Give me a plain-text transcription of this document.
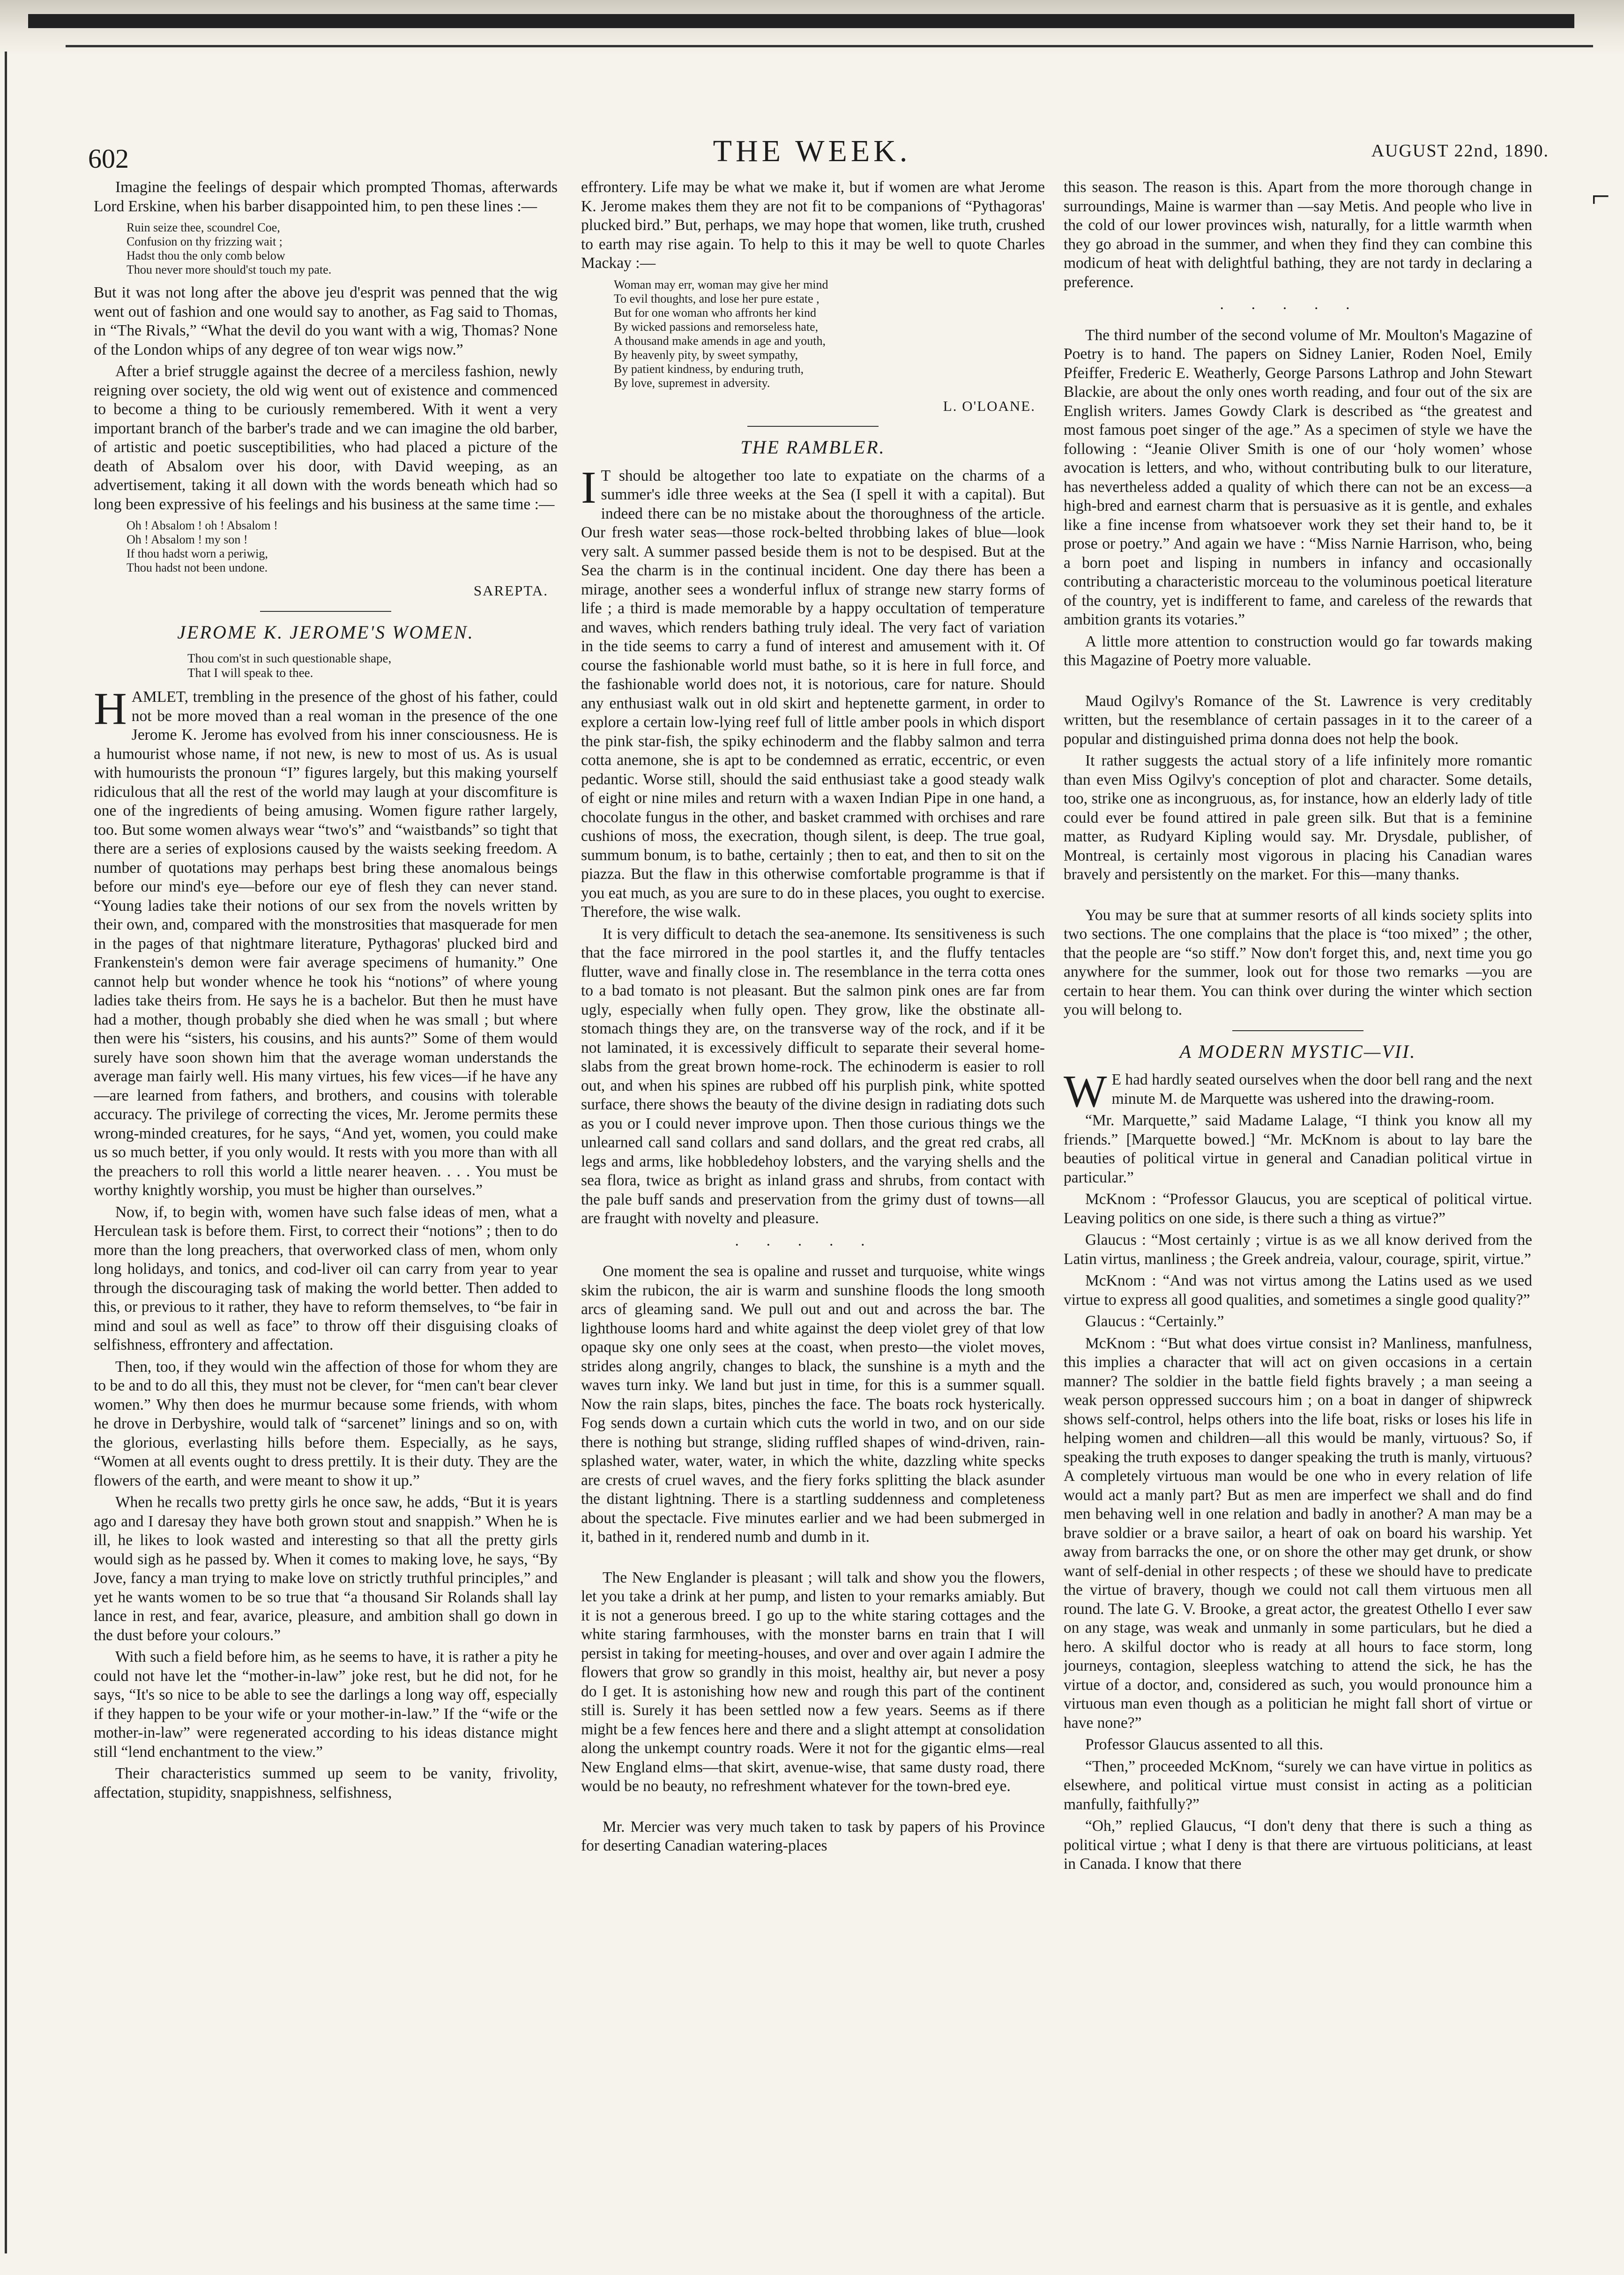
⌐
602	THE WEEK.	AUGUST 22nd, 1890.

Imagine the feelings of despair which prompted Thomas, afterwards Lord Erskine, when his barber disappointed him, to pen these lines :—

Ruin seize thee, scoundrel Coe,
Confusion on thy frizzing wait ;
Hadst thou the only comb below
Thou never more should'st touch my pate.

But it was not long after the above jeu d'esprit was penned that the wig went out of fashion and one would say to another, as Fag said to Thomas, in “The Rivals,” “What the devil do you want with a wig, Thomas? None of the London whips of any degree of ton wear wigs now.”

After a brief struggle against the decree of a merciless fashion, newly reigning over society, the old wig went out of existence and commenced to become a thing to be curiously remembered. With it went a very important branch of the barber's trade and we can imagine the old barber, of artistic and poetic susceptibilities, who had placed a picture of the death of Absalom over his door, with David weeping, as an advertisement, taking it all down with the words beneath which had so long been expressive of his feelings and his business at the same time :—

Oh ! Absalom ! oh ! Absalom !
Oh ! Absalom ! my son !
If thou hadst worn a periwig,
Thou hadst not been undone.
SAREPTA.
JEROME K. JEROME'S WOMEN.
Thou com'st in such questionable shape,
That I will speak to thee.

HAMLET, trembling in the presence of the ghost of his father, could not be more moved than a real woman in the presence of the one Jerome K. Jerome has evolved from his inner consciousness. He is a humourist whose name, if not new, is new to most of us. As is usual with humourists the pronoun “I” figures largely, but this making yourself ridiculous that all the rest of the world may laugh at your discomfiture is one of the ingredients of being amusing. Women figure rather largely, too. But some women always wear “two's” and “waistbands” so tight that there are a series of explosions caused by the waists seeking freedom. A number of quotations may perhaps best bring these anomalous beings before our mind's eye—before our eye of flesh they can never stand. “Young ladies take their notions of our sex from the novels written by their own, and, compared with the monstrosities that masquerade for men in the pages of that nightmare literature, Pythagoras' plucked bird and Frankenstein's demon were fair average specimens of humanity.” One cannot help but wonder whence he took his “notions” of where young ladies take theirs from. He says he is a bachelor. But then he must have had a mother, though probably she died when he was small ; but where then were his “sisters, his cousins, and his aunts?” Some of them would surely have soon shown him that the average woman understands the average man fairly well. His many virtues, his few vices—if he have any—are learned from fathers, and brothers, and cousins with tolerable accuracy. The privilege of correcting the vices, Mr. Jerome permits these wrong-minded creatures, for he says, “And yet, women, you could make us so much better, if you only would. It rests with you more than with all the preachers to roll this world a little nearer heaven. . . . You must be worthy knightly worship, you must be higher than ourselves.”

Now, if, to begin with, women have such false ideas of men, what a Herculean task is before them. First, to correct their “notions” ; then to do more than the long preachers, that overworked class of men, whom only long holidays, and tonics, and cod-liver oil can carry from year to year through the discouraging task of making the world better. Then added to this, or previous to it rather, they have to reform themselves, to “be fair in mind and soul as well as face” to throw off their disguising cloaks of selfishness, effrontery and affectation.

Then, too, if they would win the affection of those for whom they are to be and to do all this, they must not be clever, for “men can't bear clever women.” Why then does he murmur because some friends, with whom he drove in Derbyshire, would talk of “sarcenet” linings and so on, with the glorious, everlasting hills before them. Especially, as he says, “Women at all events ought to dress prettily. It is their duty. They are the flowers of the earth, and were meant to show it up.”

When he recalls two pretty girls he once saw, he adds, “But it is years ago and I daresay they have both grown stout and snappish.” When he is ill, he likes to look wasted and interesting so that all the pretty girls would sigh as he passed by. When it comes to making love, he says, “By Jove, fancy a man trying to make love on strictly truthful principles,” and yet he wants women to be so true that “a thousand Sir Rolands shall lay lance in rest, and fear, avarice, pleasure, and ambition shall go down in the dust before your colours.”

With such a field before him, as he seems to have, it is rather a pity he could not have let the “mother-in-law” joke rest, but he did not, for he says, “It's so nice to be able to see the darlings a long way off, especially if they happen to be your wife or your mother-in-law.” If the “wife or the mother-in-law” were regenerated according to his ideas distance might still “lend enchantment to the view.”

Their characteristics summed up seem to be vanity, frivolity, affectation, stupidity, snappishness, selfishness,

effrontery. Life may be what we make it, but if women are what Jerome K. Jerome makes them they are not fit to be companions of “Pythagoras' plucked bird.” But, perhaps, we may hope that women, like truth, crushed to earth may rise again. To help to this it may be well to quote Charles Mackay :—

Woman may err, woman may give her mind
To evil thoughts, and lose her pure estate ,
But for one woman who affronts her kind
By wicked passions and remorseless hate,
A thousand make amends in age and youth,
By heavenly pity, by sweet sympathy,
By patient kindness, by enduring truth,
By love, supremest in adversity.
L. O'LOANE.
THE RAMBLER.

IT should be altogether too late to expatiate on the charms of a summer's idle three weeks at the Sea (I spell it with a capital). But indeed there can be no mistake about the thoroughness of the article. Our fresh water seas—those rock-belted throbbing lakes of blue—look very salt. A summer passed beside them is not to be despised. But at the Sea the charm is in the continual incident. One day there has been a mirage, another sees a wonderful influx of strange new starry forms of life ; a third is made memorable by a happy occultation of temperature and waves, which renders bathing truly ideal. The very fact of variation in the tide seems to carry a fund of interest and amusement with it. Of course the fashionable world must bathe, so it is here in full force, and the fashionable world does not, it is notorious, care for nature. Should any enthusiast walk out in old skirt and heptenette garment, in order to explore a certain low-lying reef full of little amber pools in which disport the pink star-fish, the spiky echinoderm and the flabby salmon and terra cotta anemone, she is apt to be condemned as erratic, eccentric, or even pedantic. Worse still, should the said enthusiast take a good steady walk of eight or nine miles and return with a waxen Indian Pipe in one hand, a chocolate fungus in the other, and basket crammed with orchises and rare cushions of moss, the execration, though silent, is deep. The true goal, summum bonum, is to bathe, certainly ; then to eat, and then to sit on the piazza. But the flaw in this otherwise comfortable programme is that if you eat much, as you are sure to do in these places, you ought to exercise. Therefore, the wise walk.

It is very difficult to detach the sea-anemone. Its sensitiveness is such that the face mirrored in the pool startles it, and the fluffy tentacles flutter, wave and finally close in. The resemblance in the terra cotta ones to a bad tomato is not pleasant. But the salmon pink ones are far from ugly, especially when fully open. They grow, like the obstinate all-stomach things they are, on the transverse way of the rock, and if it be not laminated, it is excessively difficult to separate their several home-slabs from the great brown home-rock. The echinoderm is easier to roll out, and when his spines are rubbed off his purplish pink, white spotted surface, there shows the beauty of the divine design in radiating dots such as you or I could never improve upon. Then those curious things we the unlearned call sand collars and sand dollars, and the great red crabs, all legs and arms, like hobbledehoy lobsters, and the varying shells and the sea flora, twice as bright as inland grass and shrubs, from contact with the pale buff sands and preservation from the grimy dust of towns—all are fraught with novelty and pleasure.

·····

One moment the sea is opaline and russet and turquoise, white wings skim the rubicon, the air is warm and sunshine floods the long smooth arcs of gleaming sand. We pull out and out and across the bar. The lighthouse looms hard and white against the deep violet grey of that low opaque sky one only sees at the coast, when presto—the violet moves, strides along angrily, changes to black, the sunshine is a myth and the waves turn inky. We land but just in time, for this is a summer squall. Now the rain slaps, bites, pinches the face. The boats rock hysterically. Fog sends down a curtain which cuts the world in two, and on our side there is nothing but strange, sliding ruffled shapes of wind-driven, rain-splashed water, water, water, in which the white, dazzling white specks are crests of cruel waves, and the fiery forks splitting the black asunder the distant lightning. There is a startling suddenness and completeness about the spectacle. Five minutes earlier and we had been submerged in it, bathed in it, rendered numb and dumb in it.

The New Englander is pleasant ; will talk and show you the flowers, let you take a drink at her pump, and listen to your remarks amiably. But it is not a generous breed. I go up to the white staring cottages and the white staring farmhouses, with the monster barns en train that I will persist in taking for meeting-houses, and over and over again I admire the flowers that grow so grandly in this moist, healthy air, but never a posy do I get. It is astonishing how new and rough this part of the continent still is. Surely it has been settled now a few years. Seems as if there might be a few fences here and there and a slight attempt at consolidation along the unkempt country roads. Were it not for the gigantic elms—real New England elms—that skirt, avenue-wise, that same dusty road, there would be no beauty, no refreshment whatever for the town-bred eye.

Mr. Mercier was very much taken to task by papers of his Province for deserting Canadian watering-places

this season. The reason is this. Apart from the more thorough change in surroundings, Maine is warmer than —say Metis. And people who live in the cold of our lower provinces wish, naturally, for a little warmth when they go abroad in the summer, and when they find they can combine this modicum of heat with delightful bathing, they are not tardy in declaring a preference.

·····

The third number of the second volume of Mr. Moulton's Magazine of Poetry is to hand. The papers on Sidney Lanier, Roden Noel, Emily Pfeiffer, Frederic E. Weatherly, George Parsons Lathrop and John Stewart Blackie, are about the only ones worth reading, and four out of the six are English writers. James Gowdy Clark is described as “the greatest and most famous poet singer of the age.” As a specimen of style we have the following : “Jeanie Oliver Smith is one of our ‘holy women’ whose avocation is letters, and who, without contributing bulk to our literature, has nevertheless added a quality of which there can not be an excess—a high-bred and earnest charm that is persuasive as it is gentle, and exhales like a fine incense from whatsoever work they set their hand to, be it prose or poetry.” And again we have : “Miss Narnie Harrison, who, being a born poet and lisping in numbers in infancy and occasionally contributing a characteristic morceau to the voluminous poetical literature of the country, yet is indifferent to fame, and careless of the rewards that ambition grants its votaries.”

A little more attention to construction would go far towards making this Magazine of Poetry more valuable.

Maud Ogilvy's Romance of the St. Lawrence is very creditably written, but the resemblance of certain passages in it to the career of a popular and distinguished prima donna does not help the book.

It rather suggests the actual story of a life infinitely more romantic than even Miss Ogilvy's conception of plot and character. Some details, too, strike one as incongruous, as, for instance, how an elderly lady of title could ever be found attired in pale green silk. But that is a feminine matter, as Rudyard Kipling would say. Mr. Drysdale, publisher, of Montreal, is certainly most vigorous in placing his Canadian wares bravely and persistently on the market. For this—many thanks.

You may be sure that at summer resorts of all kinds society splits into two sections. The one complains that the place is “too mixed” ; the other, that the people are “so stiff.” Now don't forget this, and, next time you go anywhere for the summer, look out for those two remarks —you are certain to hear them. You can think over during the winter which section you will belong to.

A MODERN MYSTIC—VII.

WE had hardly seated ourselves when the door bell rang and the next minute M. de Marquette was ushered into the drawing-room.

“Mr. Marquette,” said Madame Lalage, “I think you know all my friends.” [Marquette bowed.] “Mr. McKnom is about to lay bare the beauties of political virtue in general and Canadian political virtue in particular.”

McKnom : “Professor Glaucus, you are sceptical of political virtue. Leaving politics on one side, is there such a thing as virtue?”

Glaucus : “Most certainly ; virtue is as we all know derived from the Latin virtus, manliness ; the Greek andreia, valour, courage, spirit, virtue.”

McKnom : “And was not virtus among the Latins used as we used virtue to express all good qualities, and sometimes a single good quality?”

Glaucus : “Certainly.”

McKnom : “But what does virtue consist in? Manliness, manfulness, this implies a character that will act on given occasions in a certain manner? The soldier in the battle field fights bravely ; a man seeing a weak person oppressed succours him ; on a boat in danger of shipwreck shows self-control, helps others into the life boat, risks or loses his life in helping women and children—all this would be manly, virtuous? So, if speaking the truth exposes to danger speaking the truth is manly, virtuous? A completely virtuous man would be one who in every relation of life would act a manly part? But as men are imperfect we shall and do find men behaving well in one relation and badly in another? A man may be a brave soldier or a brave sailor, a heart of oak on board his warship. Yet away from barracks the one, or on shore the other may get drunk, or show want of self-denial in other respects ; of these we should have to predicate the virtue of bravery, though we could not call them virtuous men all round. The late G. V. Brooke, a great actor, the greatest Othello I ever saw on any stage, was weak and unmanly in some particulars, but he died a hero. A skilful doctor who is ready at all hours to face storm, long journeys, contagion, sleepless watching to attend the sick, he has the virtue of a doctor, and, considered as such, you would pronounce him a virtuous man even though as a politician he might fall short of virtue or have none?”

Professor Glaucus assented to all this.

“Then,” proceeded McKnom, “surely we can have virtue in politics as elsewhere, and political virtue must consist in acting as a politician manfully, faithfully?”

“Oh,” replied Glaucus, “I don't deny that there is such a thing as political virtue ; what I deny is that there are virtuous politicians, at least in Canada. I know that there
